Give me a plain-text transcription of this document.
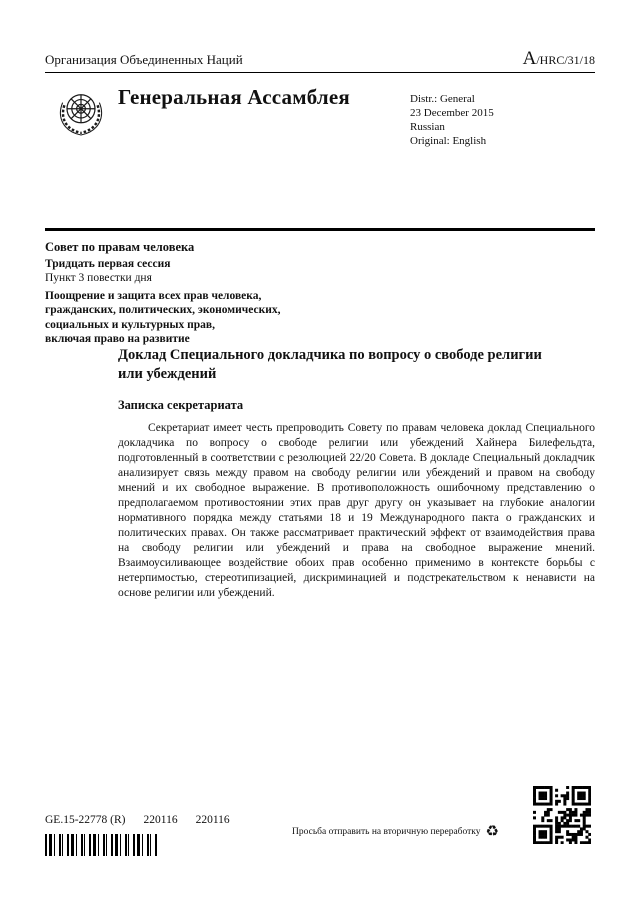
Организация Объединенных Наций	А/HRC/31/18
Генеральная Ассамблея	Distr.: General
23 December 2015
Russian
Original: English
Совет по правам человека
Тридцать первая сессия
Пункт 3 повестки дня
Поощрение и защита всех прав человека,
гражданских, политических, экономических,
социальных и культурных прав,
включая право на развитие
Доклад Специального докладчика по вопросу о свободе религии или убеждений
Записка секретариата
Секретариат имеет честь препроводить Совету по правам человека доклад Специального докладчика по вопросу о свободе религии или убеждений Хайнера Билефельдта, подготовленный в соответствии с резолюцией 22/20 Совета. В докладе Специальный докладчик анализирует связь между правом на свободу религии или убеждений и правом на свободу мнений и их свободное выражение. В противоположность ошибочному представлению о предполагаемом противостоянии этих прав друг другу он указывает на глубокие аналогии нормативного порядка между статьями 18 и 19 Международного пакта о гражданских и политических правах. Он также рассматривает практический эффект от взаимодействия права на свободу религии или убеждений и права на свободное выражение мнений. Взаимоусиливающее воздействие обоих прав особенно применимо в контексте борьбы с нетерпимостью, стереотипизацией, дискриминацией и подстрекательством к ненависти на основе религии или убеждений.
GE.15-22778 (R) 220116 220116
Просьба отправить на вторичную переработку ♻
